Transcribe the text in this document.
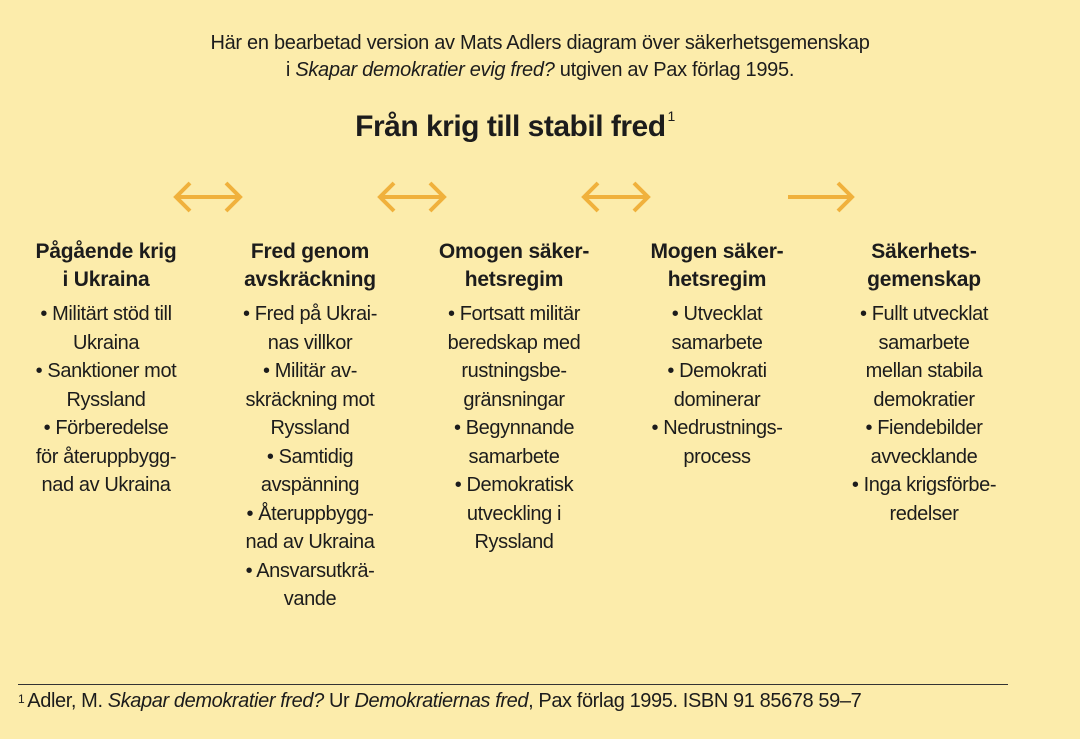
Här en bearbetad version av Mats Adlers diagram över säkerhetsgemenskap
i Skapar demokratier evig fred? utgiven av Pax förlag 1995.
Från krig till stabil fred $^1$
Pågående krig
i Ukraina
• Militärt stöd till
Ukraina
• Sanktioner mot
Ryssland
• Förberedelse
för återuppbygg-
nad av Ukraina
Fred genom
avskräckning
• Fred på Ukrai-
nas villkor
• Militär av-
skräckning mot
Ryssland
• Samtidig
avspänning
• Återuppbygg-
nad av Ukraina
• Ansvarsutkrä-
vande
Omogen säker-
hetsregim
• Fortsatt militär
beredskap med
rustningsbe-
gränsningar
• Begynnande
samarbete
• Demokratisk
utveckling i
Ryssland
Mogen säker-
hetsregim
• Utvecklat
samarbete
• Demokrati
dominerar
• Nedrustnings-
process
Säkerhets-
gemenskap
• Fullt utvecklat
samarbete
mellan stabila
demokratier
• Fiendebilder
avvecklande
• Inga krigsförbe-
redelser
$^1$ Adler, M. Skapar demokratier fred? Ur Demokratiernas fred, Pax förlag 1995. ISBN 91 85678 59–7
